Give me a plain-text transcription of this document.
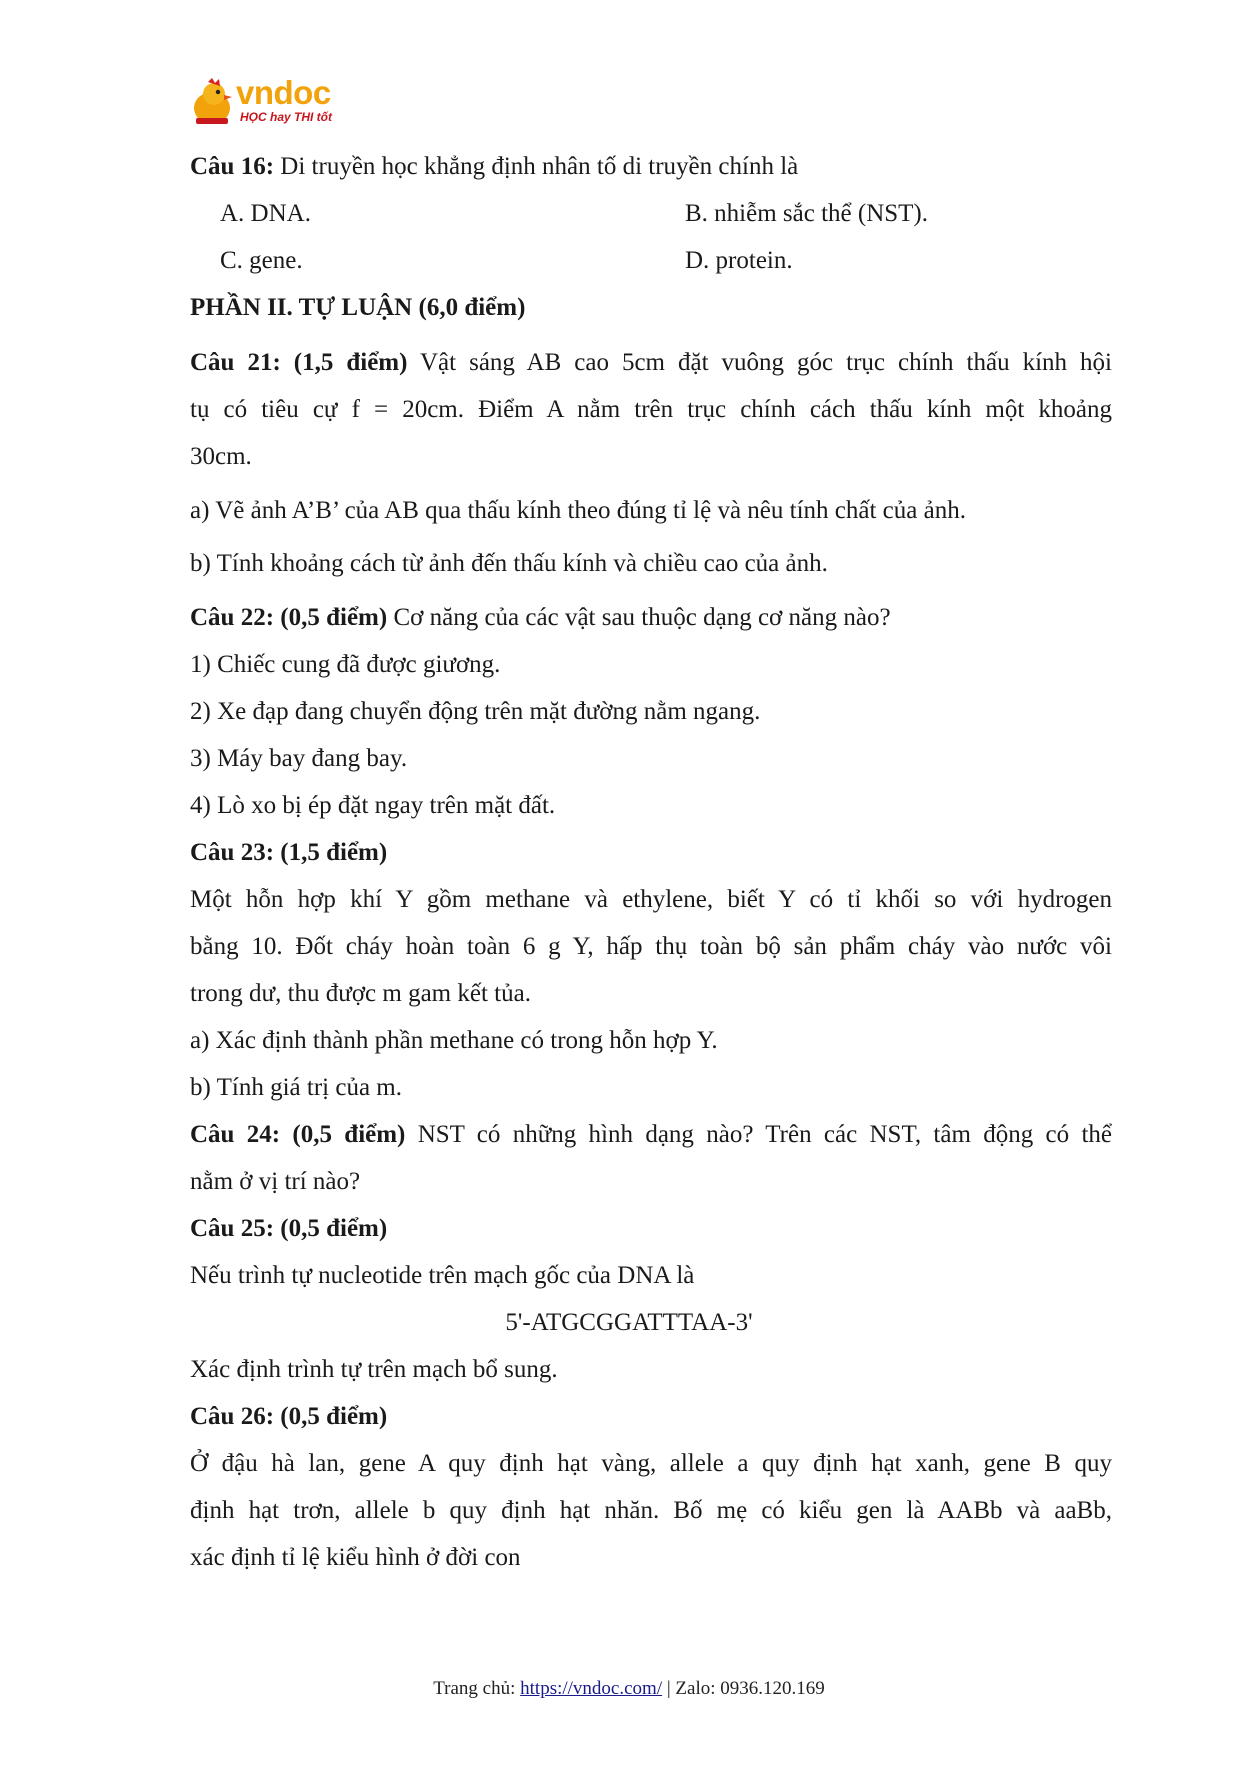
vndoc
HỌC hay THI tốt
Câu 16: Di truyền học khẳng định nhân tố di truyền chính là
A. DNA.	B. nhiễm sắc thể (NST).
C. gene.	D. protein.
PHẦN II. TỰ LUẬN (6,0 điểm)
Câu 21: (1,5 điểm) Vật sáng AB cao 5cm đặt vuông góc trục chính thấu kính hội
tụ có tiêu cự f = 20cm. Điểm A nằm trên trục chính cách thấu kính một khoảng
30cm.
a) Vẽ ảnh A’B’ của AB qua thấu kính theo đúng tỉ lệ và nêu tính chất của ảnh.
b) Tính khoảng cách từ ảnh đến thấu kính và chiều cao của ảnh.
Câu 22: (0,5 điểm) Cơ năng của các vật sau thuộc dạng cơ năng nào?
1) Chiếc cung đã được giương.
2) Xe đạp đang chuyển động trên mặt đường nằm ngang.
3) Máy bay đang bay.
4) Lò xo bị ép đặt ngay trên mặt đất.
Câu 23: (1,5 điểm)
Một hỗn hợp khí Y gồm methane và ethylene, biết Y có tỉ khối so với hydrogen
bằng 10. Đốt cháy hoàn toàn 6 g Y, hấp thụ toàn bộ sản phẩm cháy vào nước vôi
trong dư, thu được m gam kết tủa.
a) Xác định thành phần methane có trong hỗn hợp Y.
b) Tính giá trị của m.
Câu 24: (0,5 điểm) NST có những hình dạng nào? Trên các NST, tâm động có thể
nằm ở vị trí nào?
Câu 25: (0,5 điểm)
Nếu trình tự nucleotide trên mạch gốc của DNA là
5'-ATGCGGATTTAA-3'
Xác định trình tự trên mạch bổ sung.
Câu 26: (0,5 điểm)
Ở đậu hà lan, gene A quy định hạt vàng, allele a quy định hạt xanh, gene B quy
định hạt trơn, allele b quy định hạt nhăn. Bố mẹ có kiểu gen là AABb và aaBb,
xác định tỉ lệ kiểu hình ở đời con
Trang chủ: https://vndoc.com/ | Zalo: 0936.120.169
